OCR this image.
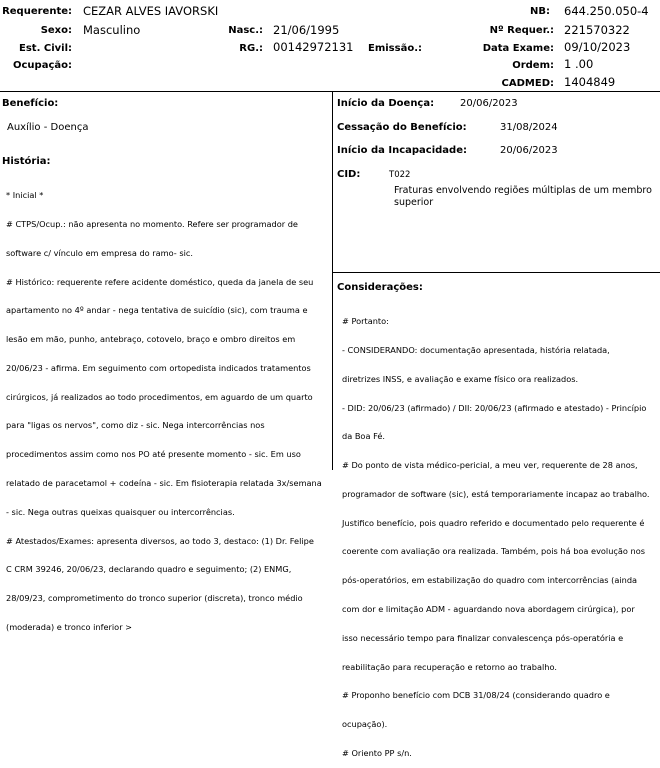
Requerente: CEZAR ALVES IAVORSKI	NB: 644.250.050-4
Sexo: Masculino	Nasc.: 21/06/1995	Nº Requer.: 221570322
Est. Civil:	RG.: 00142972131	Emissão.:	Data Exame: 09/10/2023
Ocupação:	Ordem: 1 .00
CADMED: 1404849
Benefício:
Auxílio - Doença
História:

* Inicial *

# CTPS/Ocup.: não apresenta no momento. Refere ser programador de

software c/ vínculo em empresa do ramo- sic.

# Histórico: requerente refere acidente doméstico, queda da janela de seu

apartamento no 4º andar - nega tentativa de suicídio (sic), com trauma e

lesão em mão, punho, antebraço, cotovelo, braço e ombro direitos em

20/06/23 - afirma. Em seguimento com ortopedista indicados tratamentos

cirúrgicos, já realizados ao todo procedimentos, em aguardo de um quarto

para "ligas os nervos", como diz - sic. Nega intercorrências nos

procedimentos assim como nos PO até presente momento - sic. Em uso

relatado de paracetamol + codeína - sic. Em fisioterapia relatada 3x/semana

- sic. Nega outras queixas quaisquer ou intercorrências.

# Atestados/Exames: apresenta diversos, ao todo 3, destaco: (1) Dr. Felipe

C CRM 39246, 20/06/23, declarando quadro e seguimento; (2) ENMG,

28/09/23, comprometimento do tronco superior (discreta), tronco médio

(moderada) e tronco inferior >

Início da Doença:	20/06/2023
Cessação do Benefício:	31/08/2024
Início da Incapacidade:	20/06/2023
CID:	T022
Fraturas envolvendo regiões múltiplas de um membro
superior
Considerações:

# Portanto:

- CONSIDERANDO: documentação apresentada, história relatada,

diretrizes INSS, e avaliação e exame físico ora realizados.

- DID: 20/06/23 (afirmado) / DII: 20/06/23 (afirmado e atestado) - Princípio

da Boa Fé.

# Do ponto de vista médico-pericial, a meu ver, requerente de 28 anos,

programador de software (sic), está temporariamente incapaz ao trabalho.

Justifico benefício, pois quadro referido e documentado pelo requerente é

coerente com avaliação ora realizada. Também, pois há boa evolução nos

pós-operatórios, em estabilização do quadro com intercorrências (ainda

com dor e limitação ADM - aguardando nova abordagem cirúrgica), por

isso necessário tempo para finalizar convalescença pós-operatória e

reabilitação para recuperação e retorno ao trabalho.

# Proponho benefício com DCB 31/08/24 (considerando quadro e

ocupação).

# Oriento PP s/n.
